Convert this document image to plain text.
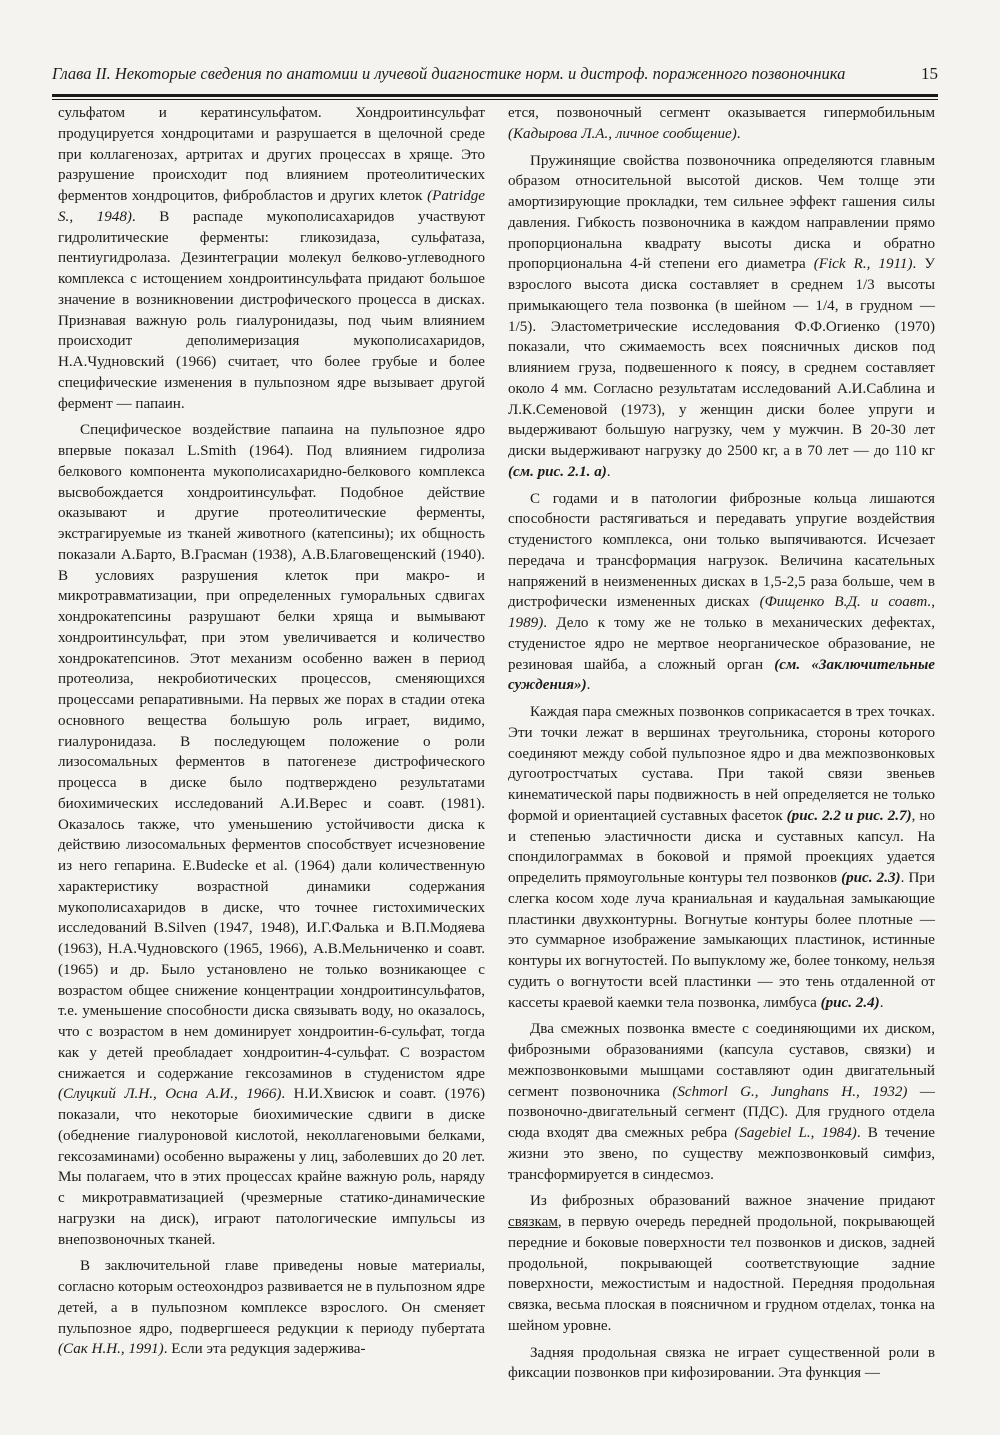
Глава II. Некоторые сведения по анатомии и лучевой диагностике норм. и дистроф. пораженного позвоночника	15

сульфатом и кератинсульфатом. Хондроитинсульфат продуцируется хондроцитами и разрушается в щелочной среде при коллагенозах, артритах и других процессах в хряще. Это разрушение происходит под влиянием протеолитических ферментов хондроцитов, фибробластов и других клеток (Patridge S., 1948). В распаде мукополисахаридов участвуют гидролитические ферменты: гликозидаза, сульфатаза, пентиугидролаза. Дезинтеграции молекул белково-углеводного комплекса с истощением хондроитинсульфата придают большое значение в возникновении дистрофического процесса в дисках. Признавая важную роль гиалуронидазы, под чьим влиянием происходит деполимеризация мукополисахаридов, Н.А.Чудновский (1966) считает, что более грубые и более специфические изменения в пульпозном ядре вызывает другой фермент — папаин.

Специфическое воздействие папаина на пульпозное ядро впервые показал L.Smith (1964). Под влиянием гидролиза белкового компонента мукополисахаридно-белкового комплекса высвобождается хондроитинсульфат. Подобное действие оказывают и другие протеолитические ферменты, экстрагируемые из тканей животного (катепсины); их общность показали А.Барто, В.Грасман (1938), А.В.Благовещенский (1940). В условиях разрушения клеток при макро- и микротравматизации, при определенных гуморальных сдвигах хондрокатепсины разрушают белки хряща и вымывают хондроитинсульфат, при этом увеличивается и количество хондрокатепсинов. Этот механизм особенно важен в период протеолиза, некробиотических процессов, сменяющихся процессами репаративными. На первых же порах в стадии отека основного вещества большую роль играет, видимо, гиалуронидаза. В последующем положение о роли лизосомальных ферментов в патогенезе дистрофического процесса в диске было подтверждено результатами биохимических исследований А.И.Верес и соавт. (1981). Оказалось также, что уменьшению устойчивости диска к действию лизосомальных ферментов способствует исчезновение из него гепарина. E.Budecke et al. (1964) дали количественную характеристику возрастной динамики содержания мукополисахаридов в диске, что точнее гистохимических исследований B.Silven (1947, 1948), И.Г.Фалька и В.П.Модяева (1963), Н.А.Чудновского (1965, 1966), А.В.Мельниченко и соавт. (1965) и др. Было установлено не только возникающее с возрастом общее снижение концентрации хондроитинсульфатов, т.е. уменьшение способности диска связывать воду, но оказалось, что с возрастом в нем доминирует хондроитин-6-сульфат, тогда как у детей преобладает хондроитин-4-сульфат. С возрастом снижается и содержание гексозаминов в студенистом ядре (Слуцкий Л.Н., Осна А.И., 1966). Н.И.Хвисюк и соавт. (1976) показали, что некоторые биохимические сдвиги в диске (обеднение гиалуроновой кислотой, неколлагеновыми белками, гексозаминами) особенно выражены у лиц, заболевших до 20 лет. Мы полагаем, что в этих процессах крайне важную роль, наряду с микротравматизацией (чрезмерные статико-динамические нагрузки на диск), играют патологические импульсы из внепозвоночных тканей.

В заключительной главе приведены новые материалы, согласно которым остеохондроз развивается не в пульпозном ядре детей, а в пульпозном комплексе взрослого. Он сменяет пульпозное ядро, подвергшееся редукции к периоду пубертата (Сак Н.Н., 1991). Если эта редукция задержива-

ется, позвоночный сегмент оказывается гипермобильным (Кадырова Л.А., личное сообщение).

Пружинящие свойства позвоночника определяются главным образом относительной высотой дисков. Чем толще эти амортизирующие прокладки, тем сильнее эффект гашения силы давления. Гибкость позвоночника в каждом направлении прямо пропорциональна квадрату высоты диска и обратно пропорциональна 4-й степени его диаметра (Fick R., 1911). У взрослого высота диска составляет в среднем 1/3 высоты примыкающего тела позвонка (в шейном — 1/4, в грудном — 1/5). Эластометрические исследования Ф.Ф.Огиенко (1970) показали, что сжимаемость всех поясничных дисков под влиянием груза, подвешенного к поясу, в среднем составляет около 4 мм. Согласно результатам исследований А.И.Саблина и Л.К.Семеновой (1973), у женщин диски более упруги и выдерживают большую нагрузку, чем у мужчин. В 20-30 лет диски выдерживают нагрузку до 2500 кг, а в 70 лет — до 110 кг (см. рис. 2.1. а).

С годами и в патологии фиброзные кольца лишаются способности растягиваться и передавать упругие воздействия студенистого комплекса, они только выпячиваются. Исчезает передача и трансформация нагрузок. Величина касательных напряжений в неизмененных дисках в 1,5-2,5 раза больше, чем в дистрофически измененных дисках (Фищенко В.Д. и соавт., 1989). Дело к тому же не только в механических дефектах, студенистое ядро не мертвое неорганическое образование, не резиновая шайба, а сложный орган (см. «Заключительные суждения»).

Каждая пара смежных позвонков соприкасается в трех точках. Эти точки лежат в вершинах треугольника, стороны которого соединяют между собой пульпозное ядро и два межпозвонковых дугоотростчатых сустава. При такой связи звеньев кинематической пары подвижность в ней определяется не только формой и ориентацией суставных фасеток (рис. 2.2 и рис. 2.7), но и степенью эластичности диска и суставных капсул. На спондилограммах в боковой и прямой проекциях удается определить прямоугольные контуры тел позвонков (рис. 2.3). При слегка косом ходе луча краниальная и каудальная замыкающие пластинки двухконтурны. Вогнутые контуры более плотные — это суммарное изображение замыкающих пластинок, истинные контуры их вогнутостей. По выпуклому же, более тонкому, нельзя судить о вогнутости всей пластинки — это тень отдаленной от кассеты краевой каемки тела позвонка, лимбуса (рис. 2.4).

Два смежных позвонка вместе с соединяющими их диском, фиброзными образованиями (капсула суставов, связки) и межпозвонковыми мышцами составляют один двигательный сегмент позвоночника (Schmorl G., Junghans H., 1932) — позвоночно-двигательный сегмент (ПДС). Для грудного отдела сюда входят два смежных ребра (Sagebiel L., 1984). В течение жизни это звено, по существу межпозвонковый симфиз, трансформируется в синдесмоз.

Из фиброзных образований важное значение придают связкам, в первую очередь передней продольной, покрывающей передние и боковые поверхности тел позвонков и дисков, задней продольной, покрывающей соответствующие задние поверхности, межостистым и надостной. Передняя продольная связка, весьма плоская в поясничном и грудном отделах, тонка на шейном уровне.

Задняя продольная связка не играет существенной роли в фиксации позвонков при кифозировании. Эта функция —
